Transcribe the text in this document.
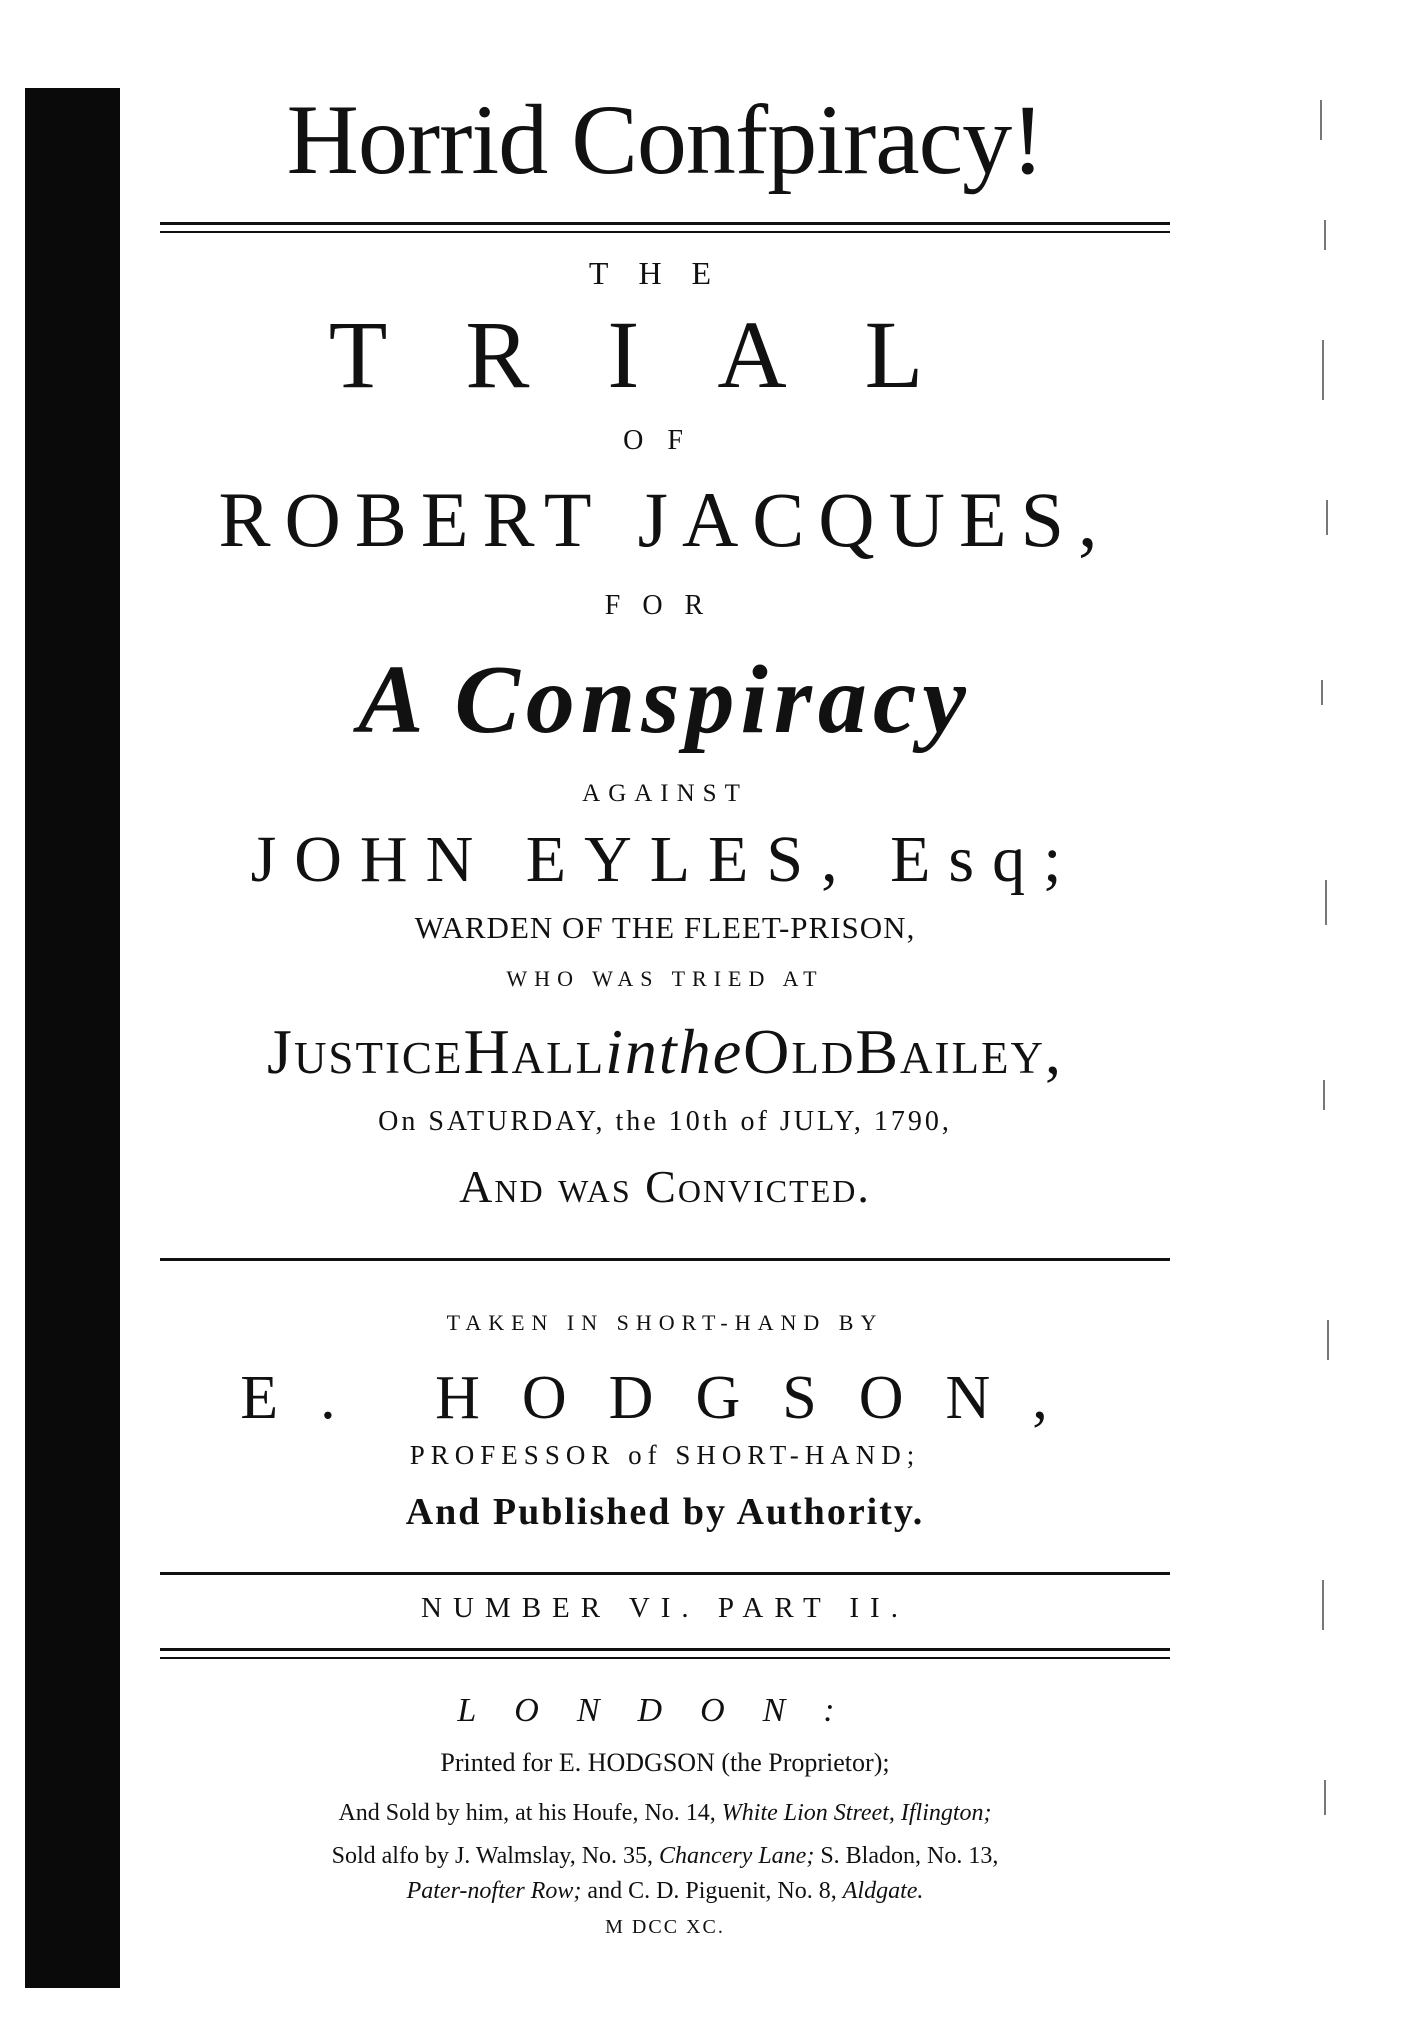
Horrid Confpiracy!
THE
TRIAL
OF
ROBERT JACQUES,
FOR
A Conspiracy
AGAINST
JOHN EYLES, Esq;
WARDEN OF THE FLEET-PRISON,
WHO WAS TRIED AT
JusticeHallintheOldBailey,
On SATURDAY, the 10th of JULY, 1790,
And was Convicted.
TAKEN IN SHORT-HAND BY
E. HODGSON,
PROFESSOR of SHORT-HAND;
And Published by Authority.
NUMBER VI. PART II.
LONDON:
Printed for E. HODGSON (the Proprietor);
And Sold by him, at his Houfe, No. 14, White Lion Street, Iflington;
Sold alfo by J. Walmslay, No. 35, Chancery Lane; S. Bladon, No. 13,
Pater-nofter Row; and C. D. Piguenit, No. 8, Aldgate.
M DCC XC.
